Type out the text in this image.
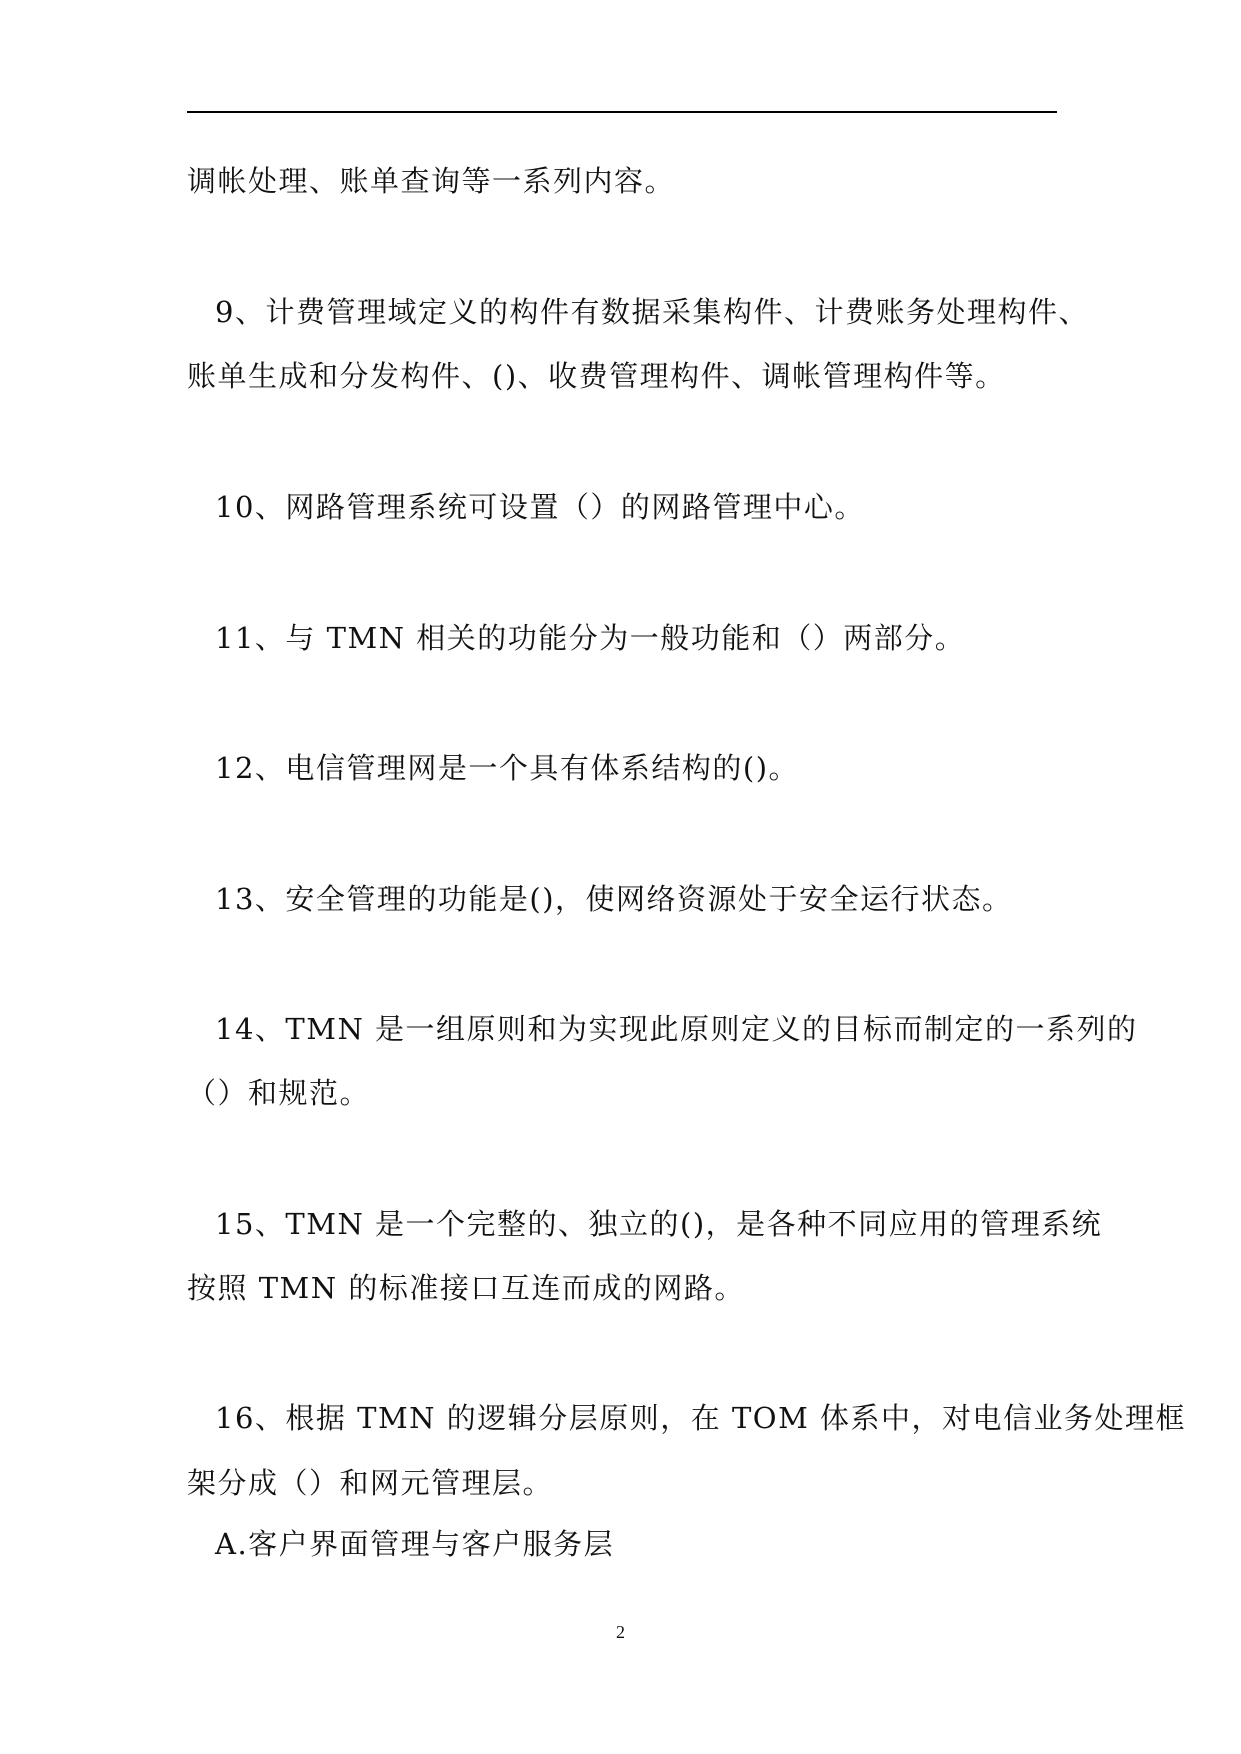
调帐处理、账单查询等一系列内容。
9、计费管理域定义的构件有数据采集构件、计费账务处理构件、
账单生成和分发构件、()、收费管理构件、调帐管理构件等。
10、网路管理系统可设置（）的网路管理中心。
11、与 TMN 相关的功能分为一般功能和（）两部分。
12、电信管理网是一个具有体系结构的()。
13、安全管理的功能是()，使网络资源处于安全运行状态。
14、TMN 是一组原则和为实现此原则定义的目标而制定的一系列的
（）和规范。
15、TMN 是一个完整的、独立的()，是各种不同应用的管理系统
按照 TMN 的标准接口互连而成的网路。
16、根据 TMN 的逻辑分层原则，在 TOM 体系中，对电信业务处理框
架分成（）和网元管理层。
A.客户界面管理与客户服务层
2
